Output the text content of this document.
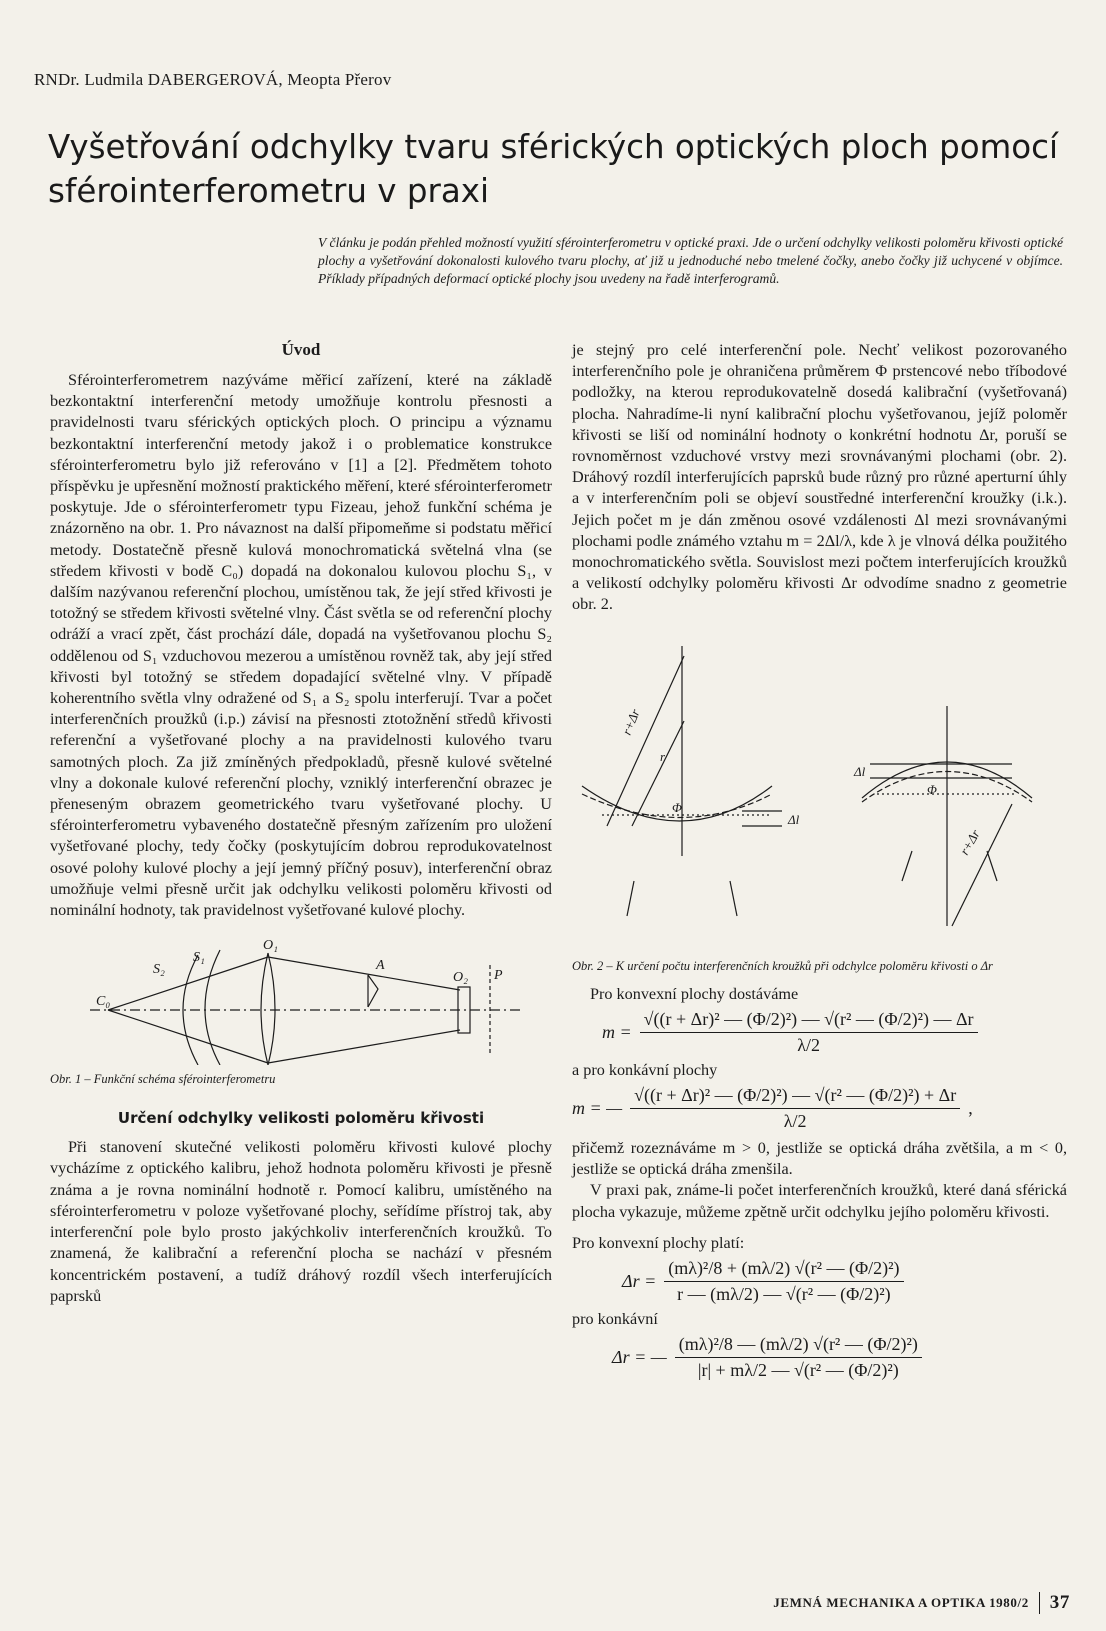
RNDr. Ludmila DABERGEROVÁ, Meopta Přerov
Vyšetřování odchylky tvaru sférických optických ploch pomocí sférointerferometru v praxi
V článku je podán přehled možností využití sférointerferometru v optické praxi. Jde o určení odchylky velikosti poloměru křivosti optické plochy a vyšetřování dokonalosti kulového tvaru plochy, ať již u jednoduché nebo tmelené čočky, anebo čočky již uchycené v objímce. Příklady případných deformací optické plochy jsou uvedeny na řadě interferogramů.
Úvod

Sférointerferometrem nazýváme měřicí zařízení, které na základě bezkontaktní interferenční metody umožňuje kontrolu přesnosti a pravidelnosti tvaru sférických optických ploch. O principu a významu bezkontaktní interferenční metody jakož i o problematice konstrukce sférointerferometru bylo již referováno v [1] a [2]. Předmětem tohoto příspěvku je upřesnění možností praktického měření, které sférointerferometr poskytuje. Jde o sférointerferometr typu Fizeau, jehož funkční schéma je znázorněno na obr. 1. Pro návaznost na další připomeňme si podstatu měřicí metody. Dostatečně přesně kulová monochromatická světelná vlna (se středem křivosti v bodě C₀) dopadá na dokonalou kulovou plochu S₁, v dalším nazývanou referenční plochou, umístěnou tak, že její střed křivosti je totožný se středem křivosti světelné vlny. Část světla se od referenční plochy odráží a vrací zpět, část prochází dále, dopadá na vyšetřovanou plochu S₂ oddělenou od S₁ vzduchovou mezerou a umístěnou rovněž tak, aby její střed křivosti byl totožný se středem dopadající světelné vlny. V případě koherentního světla vlny odražené od S₁ a S₂ spolu interferují. Tvar a počet interferenčních proužků (i.p.) závisí na přesnosti ztotožnění středů křivosti referenční a vyšetřované plochy a na pravidelnosti kulového tvaru samotných ploch. Za již zmíněných předpokladů, přesně kulové světelné vlny a dokonale kulové referenční plochy, vzniklý interferenční obrazec je přeneseným obrazem geometrického tvaru vyšetřované plochy. U sférointerferometru vybaveného dostatečně přesným zařízením pro uložení vyšetřované plochy, tedy čočky (poskytujícím dobrou reprodukovatelnost osové polohy kulové plochy a její jemný příčný posuv), interferenční obraz umožňuje velmi přesně určit jak odchylku velikosti poloměru křivosti od nominální hodnoty, tak pravidelnost vyšetřované kulové plochy.

S₂
S₁
O₁
A
O₂ P
C₀

Obr. 1 – Funkční schéma sférointerferometru

Určení odchylky velikosti poloměru křivosti

Při stanovení skutečné velikosti poloměru křivosti kulové plochy vycházíme z optického kalibru, jehož hodnota poloměru křivosti je přesně známa a je rovna nominální hodnotě r. Pomocí kalibru, umístěného na sférointerferometru v poloze vyšetřované plochy, seřídíme přístroj tak, aby interferenční pole bylo prosto jakýchkoliv interferenčních kroužků. To znamená, že kalibrační a referenční plocha se nachází v přesném koncentrickém postavení, a tudíž dráhový rozdíl všech interferujících paprsků

je stejný pro celé interferenční pole. Nechť velikost pozorovaného interferenčního pole je ohraničena průměrem Φ prstencové nebo tříbodové podložky, na kterou reprodukovatelně dosedá kalibrační (vyšetřovaná) plocha. Nahradíme-li nyní kalibrační plochu vyšetřovanou, jejíž poloměr křivosti se liší od nominální hodnoty o konkrétní hodnotu Δr, poruší se rovnoměrnost vzduchové vrstvy mezi srovnávanými plochami (obr. 2). Dráhový rozdíl interferujících paprsků bude různý pro různé aperturní úhly a v interferenčním poli se objeví soustředné interferenční kroužky (i.k.). Jejich počet m je dán změnou osové vzdálenosti Δl mezi srovnávanými plochami podle známého vztahu m = 2Δl/λ, kde λ je vlnová délka použitého monochromatického světla. Souvislost mezi počtem interferujících kroužků a velikostí odchylky poloměru křivosti Δr odvodíme snadno z geometrie obr. 2.

r+Δr
r
Φ
Δl
Δl
Φ
r+Δr

Obr. 2 – K určení počtu interferenčních kroužků při odchylce poloměru křivosti o Δr

Pro konvexní plochy dostáváme

$m = \frac{\text{√((r + Δr)² — (Φ/2)²) — √(r² — (Φ/2)²) — Δr}}{\lambda/2}$

a pro konkávní plochy

m = — $\frac{\text{√((r + Δr)² — (Φ/2)²) — √(r² — (Φ/2)²) + Δr}}{\lambda/2}$ ,

přičemž rozeznáváme m > 0, jestliže se optická dráha zvětšila, a m < 0, jestliže se optická dráha zmenšila.

V praxi pak, známe-li počet interferenčních kroužků, které daná sférická plocha vykazuje, můžeme zpětně určit odchylku jejího poloměru křivosti.

Pro konvexní plochy platí:

$\Delta r = \frac{\text{(mλ)²/8 + (mλ/2) √(r² — (Φ/2)²)}}{\text{r — (mλ/2) — √(r² — (Φ/2)²)}}$

pro konkávní

Δr = — $\frac{\text{(mλ)²/8 — (mλ/2) √(r² — (Φ/2)²)}}{\text{|r| + mλ/2 — √(r² — (Φ/2)²)}}$
JEMNÁ MECHANIKA A OPTIKA 1980/2	37
